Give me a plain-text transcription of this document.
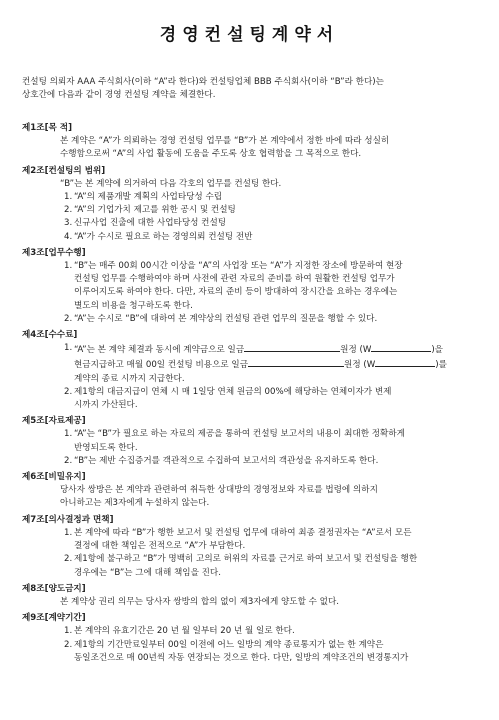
경영컨설팅계약서
컨설팅 의뢰자 AAA 주식회사(이하 “A”라 한다)와 컨설팅업체 BBB 주식회사(이하 “B”라 한다)는
상호간에 다음과 같이 경영 컨설팅 계약을 체결한다.
제1조[목 적]
본 계약은 “A”가 의뢰하는 경영 컨설팅 업무를 “B”가 본 계약에서 정한 바에 따라 성실히
수행함으로써 “A”의 사업 활동에 도움을 주도록 상호 협력함을 그 목적으로 한다.
제2조[컨설팅의 범위]
“B”는 본 계약에 의거하여 다음 각호의 업무를 컨설팅 한다.
1. “A”의 제품개발 계획의 사업타당성 수립
2. “A”의 기업가치 제고를 위한 공시 및 컨설팅
3. 신규사업 진출에 대한 사업타당성 컨설팅
4. “A”가 수시로 필요로 하는 경영의뢰 컨설팅 전반
제3조[업무수행]
1. “B”는 매주 00회 00시간 이상을 “A”의 사업장 또는 “A”가 지정한 장소에 방문하여 현장
컨설팅 업무를 수행하여야 하며 사전에 관련 자료의 준비를 하여 원활한 컨설팅 업무가
이루어지도록 하여야 한다. 다만, 자료의 준비 등이 방대하여 장시간을 요하는 경우에는
별도의 비용을 청구하도록 한다.
2. “A”는 수시로 “B”에 대하여 본 계약상의 컨설팅 관련 업무의 질문을 행할 수 있다.
제4조[수수료]
1. “A”는 본 계약 체결과 동시에 계약금으로 일금	원정 (W	)을
현금지급하고 매월 00일 컨설팅 비용으로 일금	원정 (W	)를
계약의 종료 시까지 지급한다.
2. 제1항의 대금지급이 연체 시 매 1일당 연체 원금의 00%에 해당하는 연체이자가 변제
시까지 가산된다.
제5조[자료제공]
1. “A”는 “B”가 필요로 하는 자료의 제공을 통하여 컨설팅 보고서의 내용이 최대한 정확하게
반영되도록 한다.
2. “B”는 제반 수집증거를 객관적으로 수집하여 보고서의 객관성을 유지하도록 한다.
제6조[비밀유지]
당사자 쌍방은 본 계약과 관련하여 취득한 상대방의 경영정보와 자료를 법령에 의하지
아니하고는 제3자에게 누설하지 않는다.
제7조[의사결정과 면책]
1. 본 계약에 따라 “B”가 행한 보고서 및 컨설팅 업무에 대하여 최종 결정권자는 “A”로서 모든
결정에 대한 책임은 전적으로 “A”가 부담한다.
2. 제1항에 불구하고 “B”가 명백히 고의로 허위의 자료를 근거로 하여 보고서 및 컨설팅을 행한
경우에는 “B”는 그에 대해 책임을 진다.
제8조[양도금지]
본 계약상 권리 의무는 당사자 쌍방의 합의 없이 제3자에게 양도할 수 없다.
제9조[계약기간]
1. 본 계약의 유효기간은 20 년 월 일부터 20 년 월 일로 한다.
2. 제1항의 기간만료일부터 00일 이전에 어느 일방의 계약 종료통지가 없는 한 계약은
동일조건으로 매 00년씩 자동 연장되는 것으로 한다. 다만, 일방의 계약조건의 변경통지가
